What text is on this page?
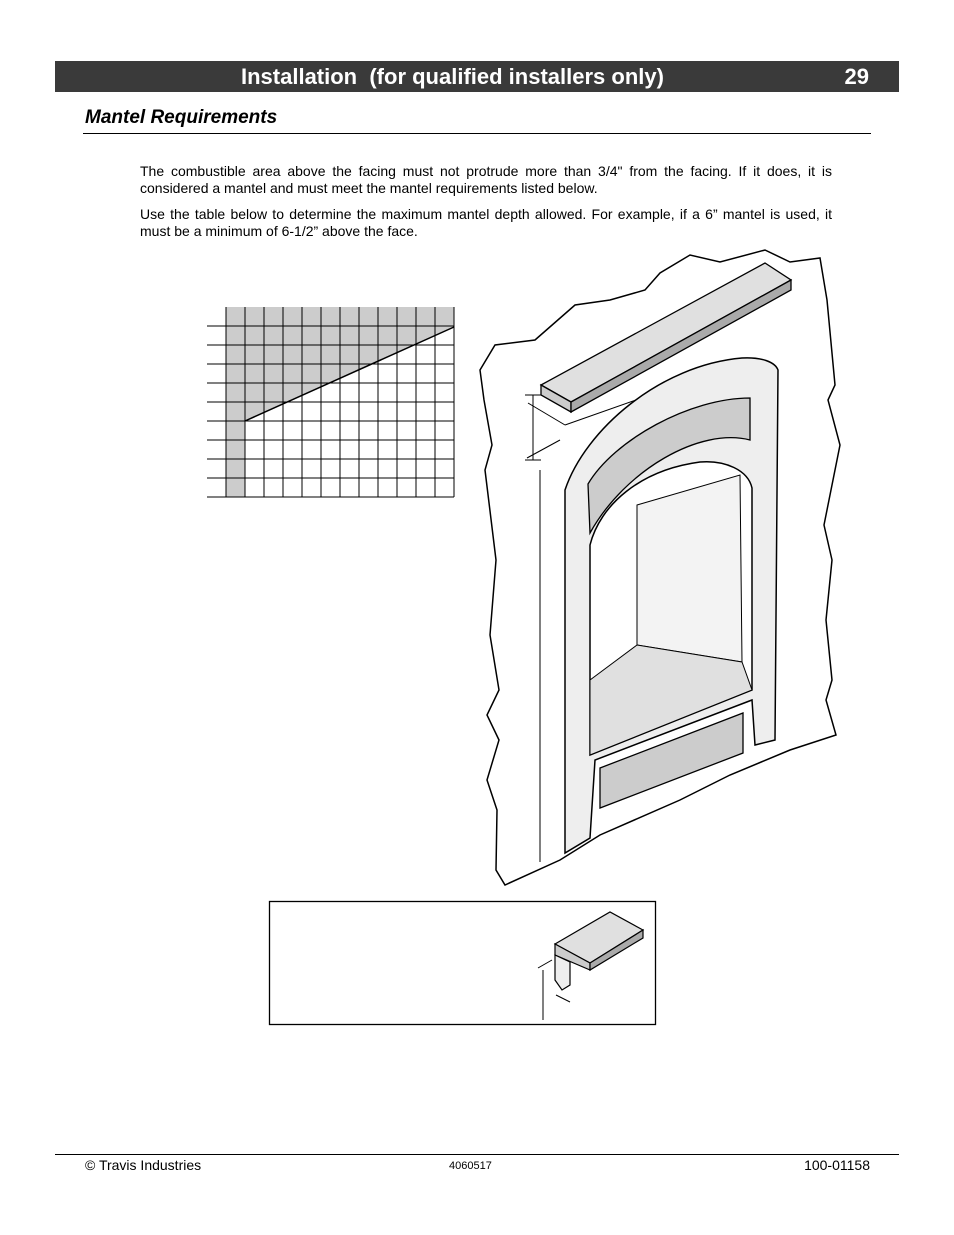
Installation  (for qualified installers only)	29
Mantel Requirements

The combustible area above the facing must not protrude more than 3/4" from the facing. If it does, it is considered a mantel and must meet the mantel requirements listed below.

Use the table below to determine the maximum mantel depth allowed. For example, if a 6” mantel is used, it must be a minimum of 6-1/2” above the face.

© Travis Industries	4060517	100-01158
